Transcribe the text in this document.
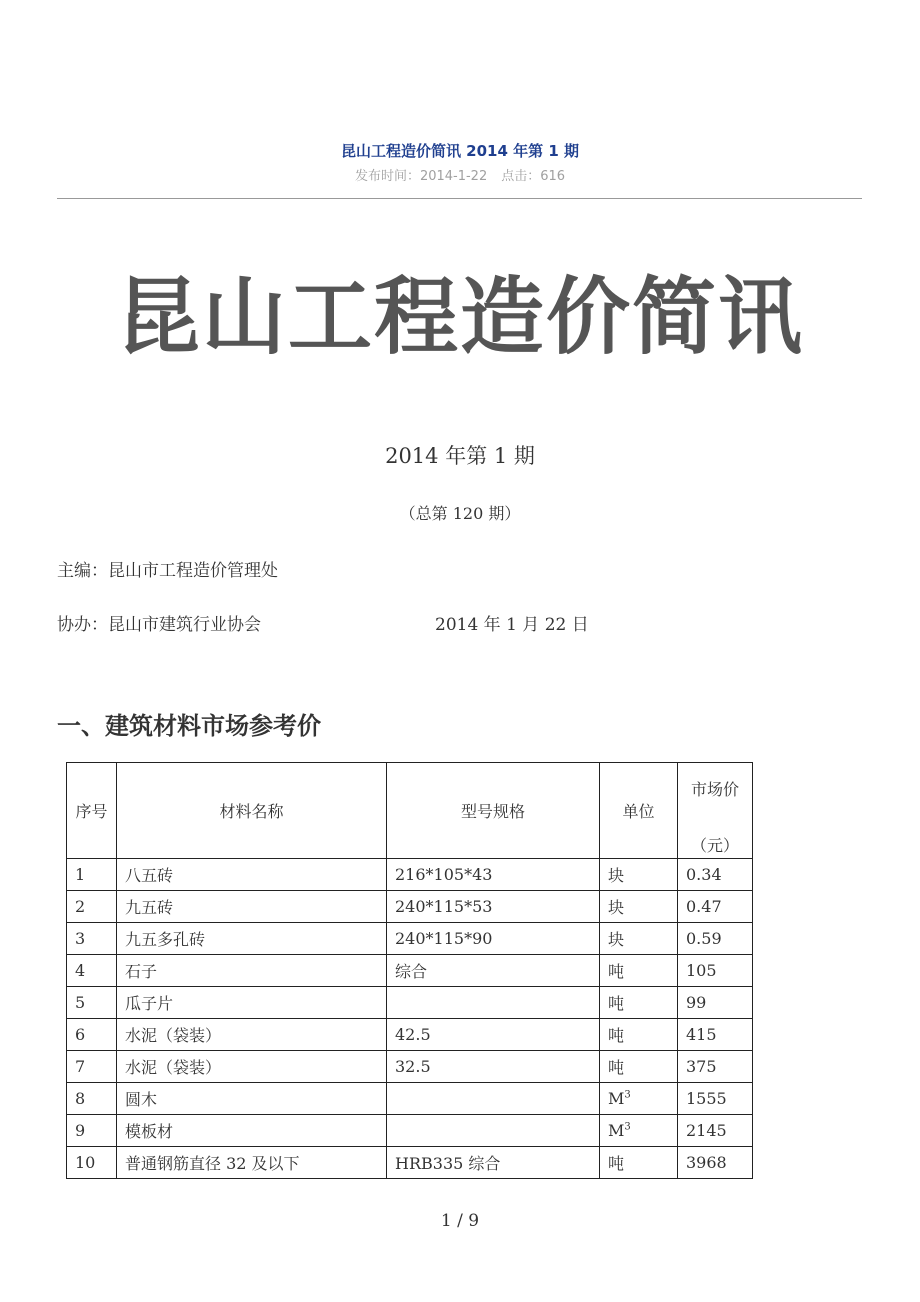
昆山工程造价简讯 2014 年第 1 期
发布时间：2014-1-22 点击：616
昆山工程造价简讯
2014 年第 1 期
（总第 120 期）
主编：昆山市工程造价管理处
协办：昆山市建筑行业协会	2014 年 1 月 22 日
一、建筑材料市场参考价
序号	材料名称	型号规格	单位	市场价
（元）

1	八五砖	216*105*43	块	0.34
2	九五砖	240*115*53	块	0.47
3	九五多孔砖	240*115*90	块	0.59
4	石子	综合	吨	105
5	瓜子片		吨	99
6	水泥（袋装）	42.5	吨	415
7	水泥（袋装）	32.5	吨	375
8	圆木		$M^3$	1555
9	模板材		$M^3$	2145
10	普通钢筋直径 32 及以下	HRB335 综合	吨	3968
1 / 9
